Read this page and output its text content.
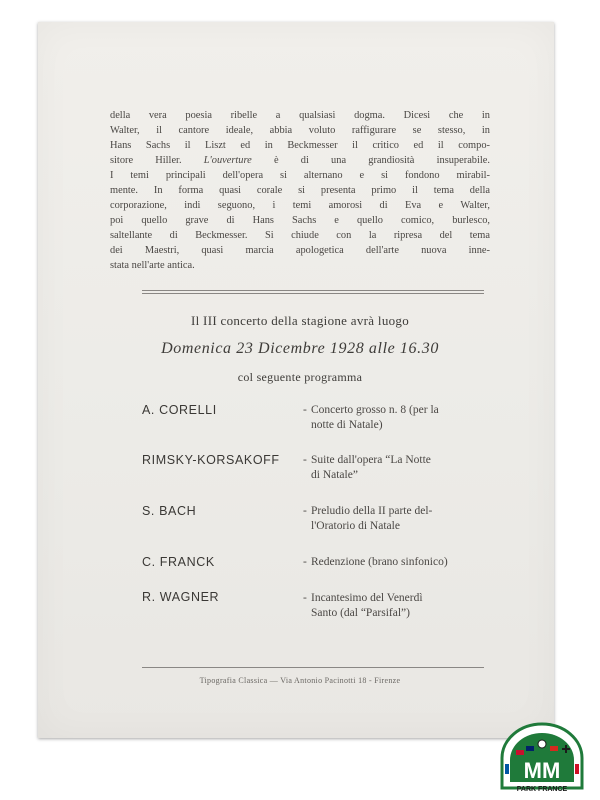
della vera poesia ribelle a qualsiasi dogma. Dicesi che in
Walter, il cantore ideale, abbia voluto raffigurare se stesso, in
Hans Sachs il Liszt ed in Beckmesser il critico ed il compo-
sitore Hiller. L'ouverture è di una grandiosità insuperabile.
I temi principali dell'opera si alternano e si fondono mirabil-
mente. In forma quasi corale si presenta primo il tema della
corporazione, indi seguono, i temi amorosi di Eva e Walter,
poi quello grave di Hans Sachs e quello comico, burlesco,
saltellante di Beckmesser. Si chiude con la ripresa del tema
dei Maestri, quasi marcia apologetica dell'arte nuova inne-
stata nell'arte antica.
Il III concerto della stagione avrà luogo
Domenica 23 Dicembre 1928 alle 16.30
col seguente programma
A. CORELLI	- Concerto grosso n. 8 (per la
notte di Natale)
RIMSKY-KORSAKOFF - Suite dall'opera “La Notte
di Natale”
S. BACH	- Preludio della II parte del-
l'Oratorio di Natale
C. FRANCK	- Redenzione (brano sinfonico)
R. WAGNER	- Incantesimo del Venerdì
Santo (dal “Parsifal”)
Tipografia Classica — Via Antonio Pacinotti 18 - Firenze
MM
PARK FRANCE
